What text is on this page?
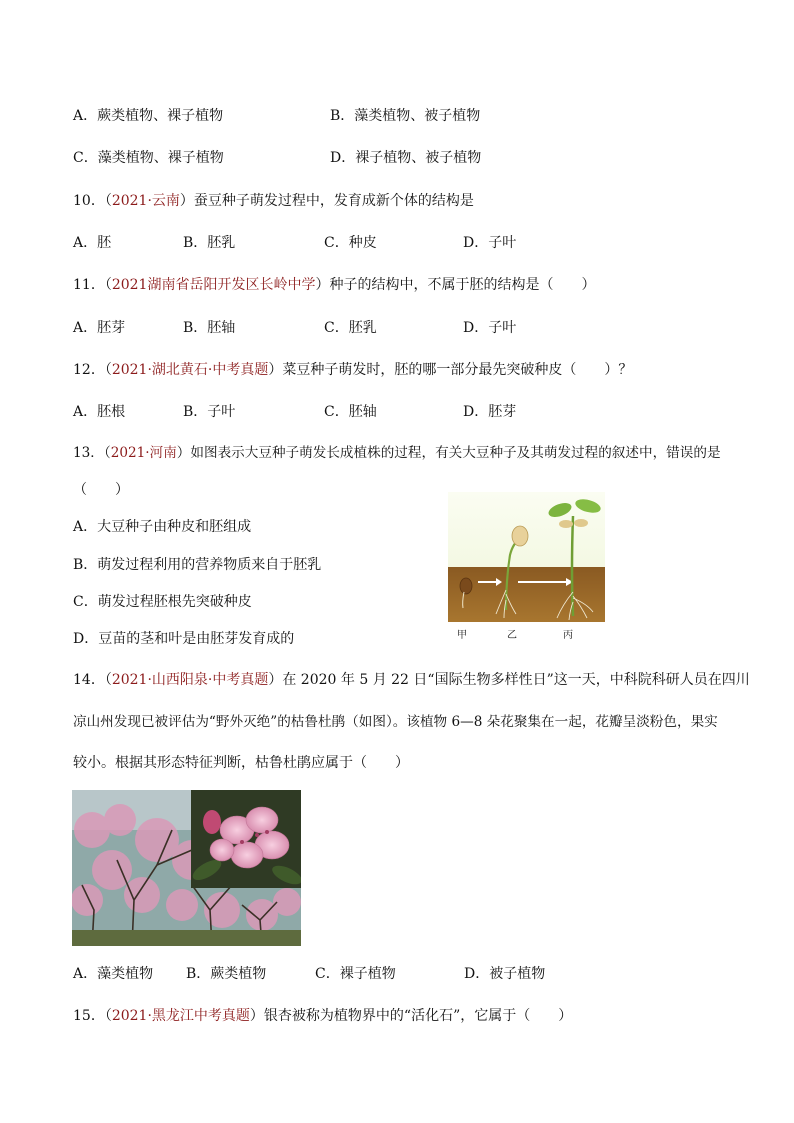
A．蕨类植物、裸子植物	B．藻类植物、被子植物
C．藻类植物、裸子植物	D．裸子植物、被子植物
10．（2021·云南）蚕豆种子萌发过程中，发育成新个体的结构是
A．胚	B．胚乳	C．种皮	D．子叶
11．（2021湖南省岳阳开发区长岭中学）种子的结构中，不属于胚的结构是（　　）
A．胚芽	B．胚轴	C．胚乳	D．子叶
12．（2021·湖北黄石·中考真题）菜豆种子萌发时，胚的哪一部分最先突破种皮（　　）？
A．胚根	B．子叶	C．胚轴	D．胚芽
13．（2021·河南）如图表示大豆种子萌发长成植株的过程，有关大豆种子及其萌发过程的叙述中，错误的是
（　　）
A．大豆种子由种皮和胚组成
B．萌发过程利用的营养物质来自于胚乳
C．萌发过程胚根先突破种皮
D．豆苗的茎和叶是由胚芽发育成的	甲	乙	丙
14．（2021·山西阳泉·中考真题）在 2020 年 5 月 22 日“国际生物多样性日”这一天，中科院科研人员在四川
凉山州发现已被评估为“野外灭绝”的枯鲁杜鹃（如图）。该植物 6—8 朵花聚集在一起，花瓣呈淡粉色，果实
较小。根据其形态特征判断，枯鲁杜鹃应属于（　　）
A．藻类植物 B．蕨类植物	C．裸子植物	D．被子植物
15．（2021·黑龙江中考真题）银杏被称为植物界中的“活化石”，它属于（　　）
